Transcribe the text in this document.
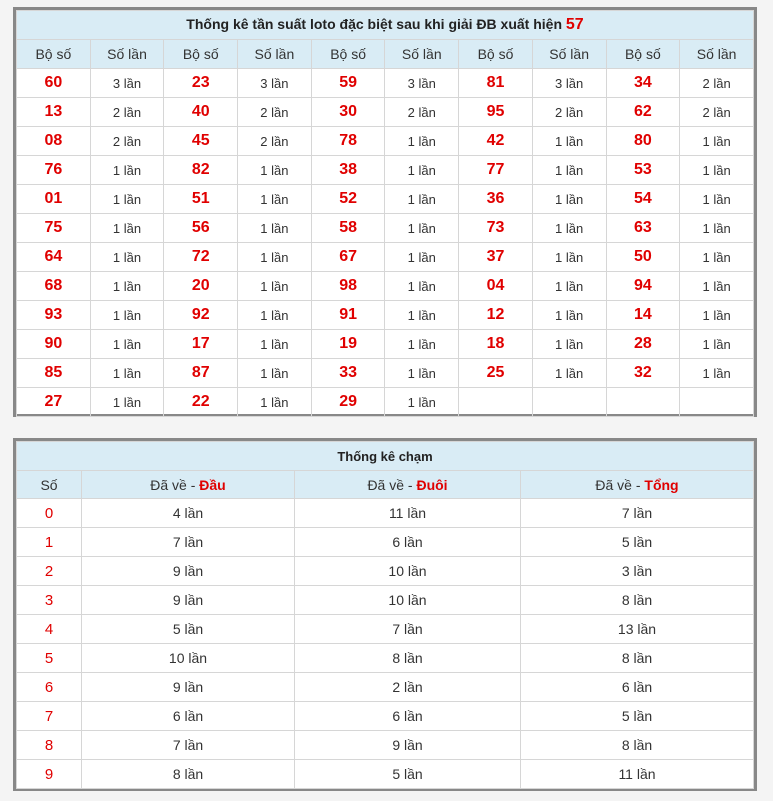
Thống kê tần suất loto đặc biệt sau khi giải ĐB xuất hiện 57									
Bộ số	Số lần	Bộ số	Số lần	Bộ số	Số lần	Bộ số	Số lần	Bộ số	Số lần
60	3 lần	23	3 lần	59	3 lần	81	3 lần	34	2 lần
13	2 lần	40	2 lần	30	2 lần	95	2 lần	62	2 lần
08	2 lần	45	2 lần	78	1 lần	42	1 lần	80	1 lần
76	1 lần	82	1 lần	38	1 lần	77	1 lần	53	1 lần
01	1 lần	51	1 lần	52	1 lần	36	1 lần	54	1 lần
75	1 lần	56	1 lần	58	1 lần	73	1 lần	63	1 lần
64	1 lần	72	1 lần	67	1 lần	37	1 lần	50	1 lần
68	1 lần	20	1 lần	98	1 lần	04	1 lần	94	1 lần
93	1 lần	92	1 lần	91	1 lần	12	1 lần	14	1 lần
90	1 lần	17	1 lần	19	1 lần	18	1 lần	28	1 lần
85	1 lần	87	1 lần	33	1 lần	25	1 lần	32	1 lần
27	1 lần	22	1 lần	29	1 lần				
Thống kê chạm			
Số	Đã về - Đầu	Đã về - Đuôi	Đã về - Tổng
0	4 lần	11 lần	7 lần
1	7 lần	6 lần	5 lần
2	9 lần	10 lần	3 lần
3	9 lần	10 lần	8 lần
4	5 lần	7 lần	13 lần
5	10 lần	8 lần	8 lần
6	9 lần	2 lần	6 lần
7	6 lần	6 lần	5 lần
8	7 lần	9 lần	8 lần
9	8 lần	5 lần	11 lần
